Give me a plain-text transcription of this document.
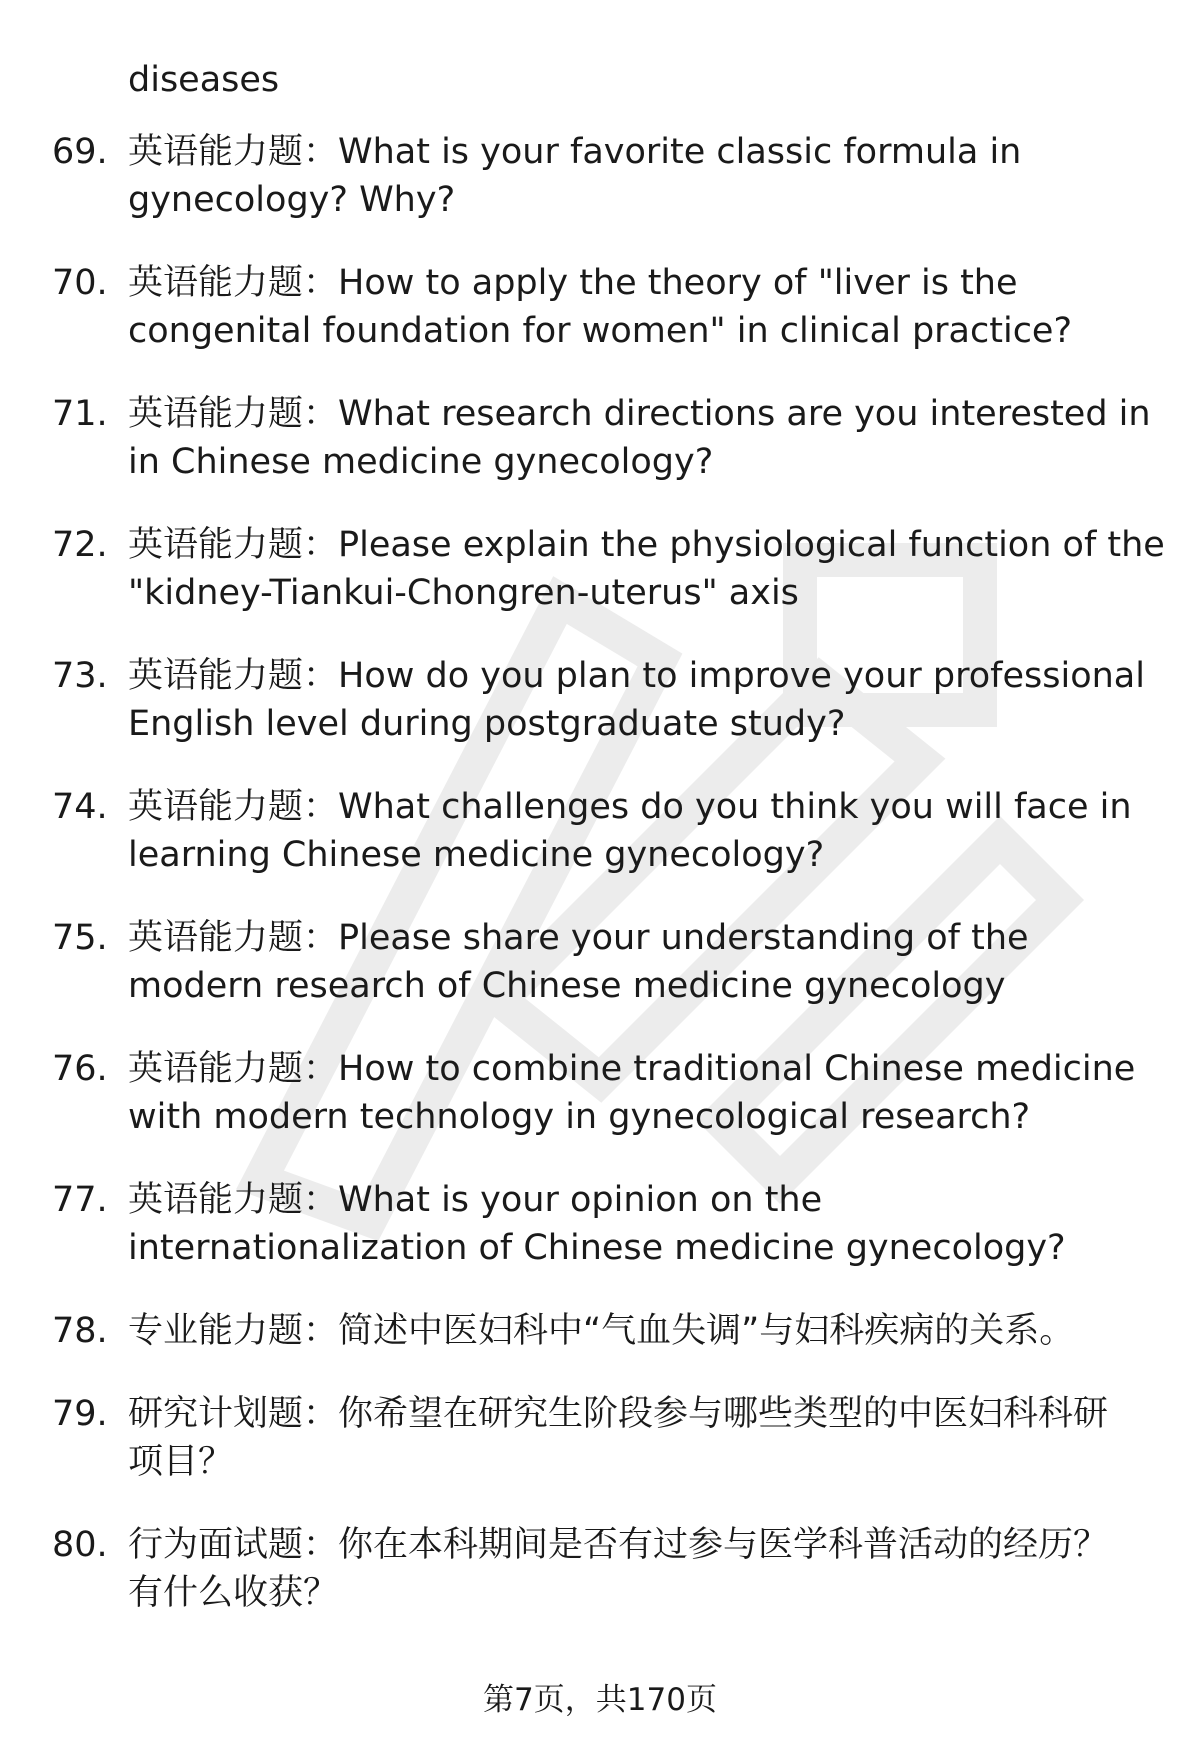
diseases
69. 英语能力题：What is your favorite classic formula in
gynecology? Why?
70. 英语能力题：How to apply the theory of "liver is the
congenital foundation for women" in clinical practice?
71. 英语能力题：What research directions are you interested in
in Chinese medicine gynecology?
72. 英语能力题：Please explain the physiological function of the
"kidney-Tiankui-Chongren-uterus" axis
73. 英语能力题：How do you plan to improve your professional
English level during postgraduate study?
74. 英语能力题：What challenges do you think you will face in
learning Chinese medicine gynecology?
75. 英语能力题：Please share your understanding of the
modern research of Chinese medicine gynecology
76. 英语能力题：How to combine traditional Chinese medicine
with modern technology in gynecological research?
77. 英语能力题：What is your opinion on the
internationalization of Chinese medicine gynecology?
78. 专业能力题：简述中医妇科中“气血失调”与妇科疾病的关系。
79. 研究计划题：你希望在研究生阶段参与哪些类型的中医妇科科研
项目？
80. 行为面试题：你在本科期间是否有过参与医学科普活动的经历？
有什么收获？
第7页，共170页
